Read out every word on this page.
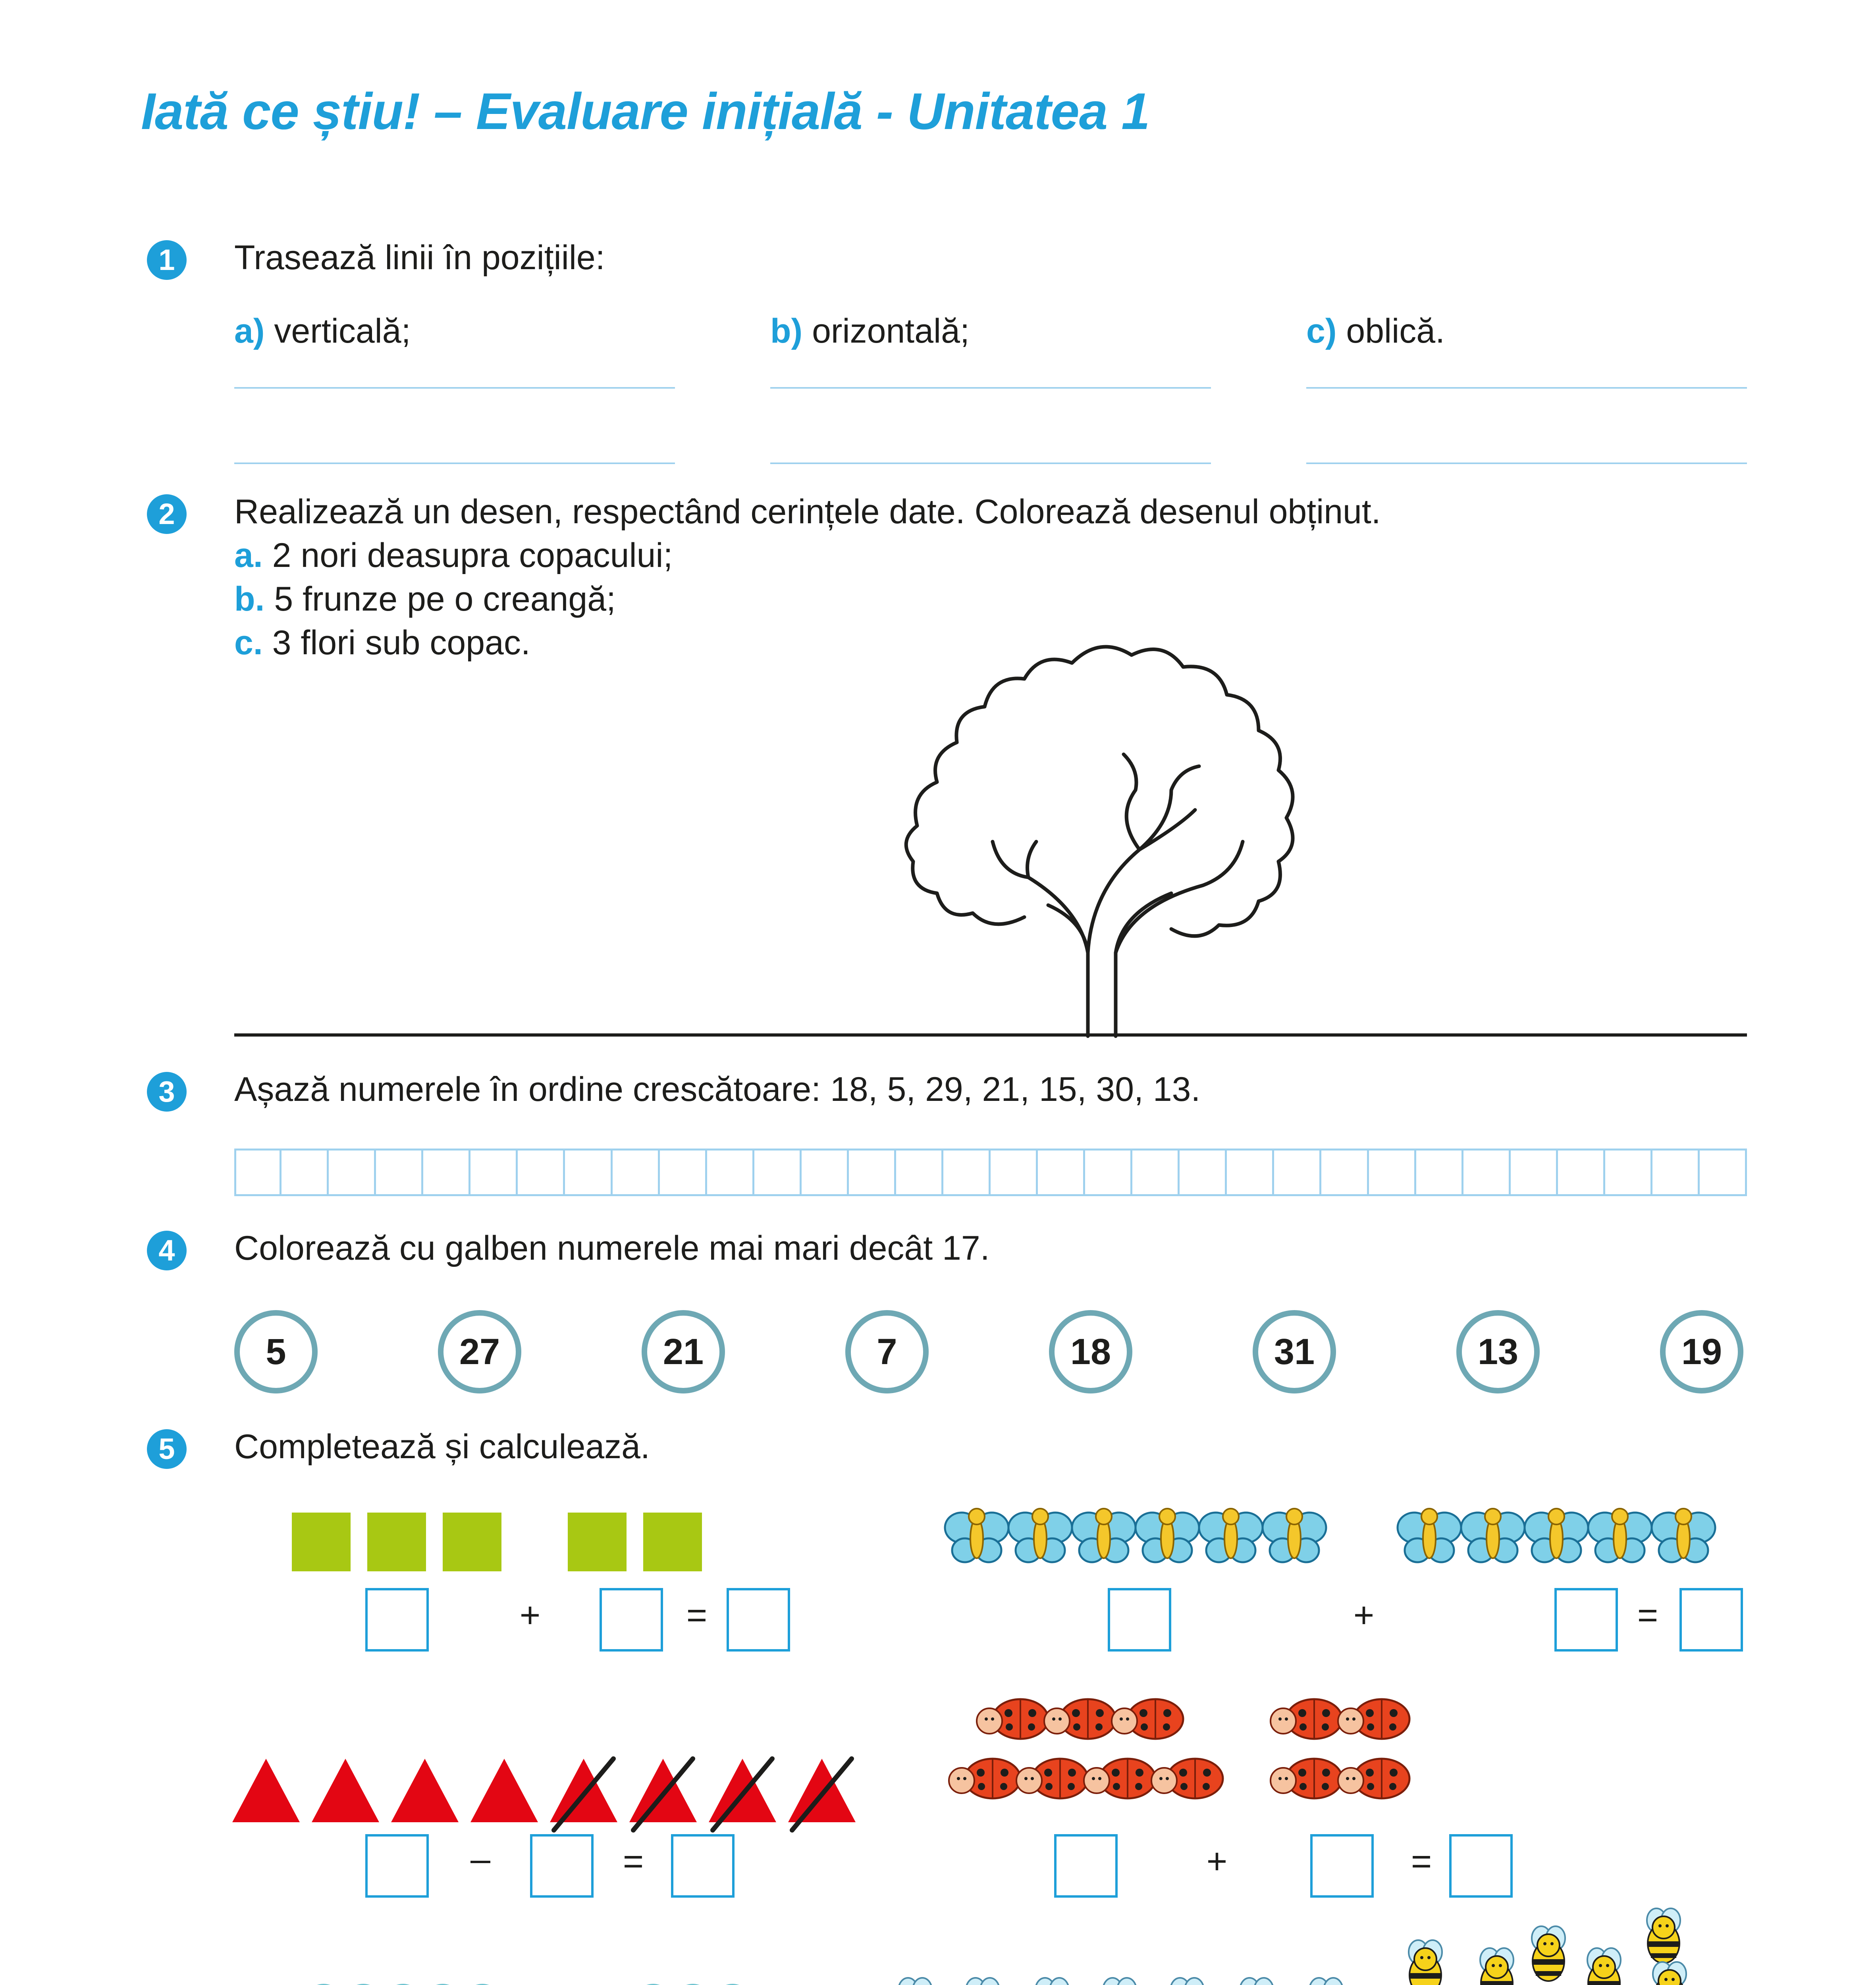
Iată ce știu! – Evaluare inițială - Unitatea 1
1	Trasează linii în pozițiile:
a) verticală;	b) orizontală;	c) oblică.
2	Realizează un desen, respectând cerințele date. Colorează desenul obținut.
a. 2 nori deasupra copacului;
b. 5 frunze pe o creangă;
c. 3 flori sub copac.
3	Așază numerele în ordine crescătoare: 18, 5, 29, 21, 15, 30, 13.
4	Colorează cu galben numerele mai mari decât 17.
5	27	21	7	18	31	13	19
5	Completează și calculează.
+	=	+	=
–	=	+	=
